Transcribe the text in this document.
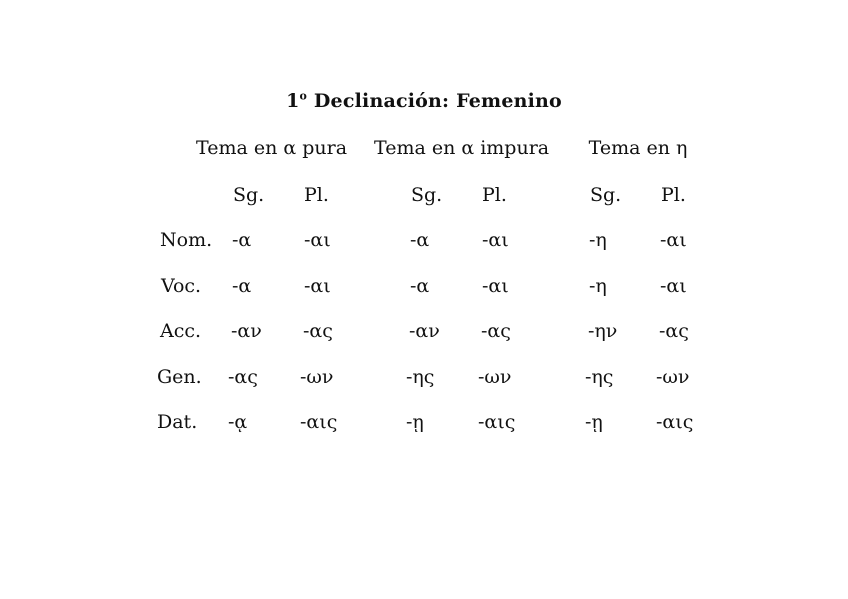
1$^o$ Declinación: Femenino
Tema en α pura Tema en α impura Tema en η
Sg. Pl.	Sg. Pl.	Sg. Pl.
Nom. -α	-αι	-α	-αι	-η	-αι
Voc. -α	-αι	-α	-αι	-η	-αι
Acc. -αν -ας	-αν -ας	-ην -ας
Gen. -ας -ων	-ης -ων	-ης -ων
Dat. -ᾳ	-αις	-ῃ	-αις	-ῃ	-αις
